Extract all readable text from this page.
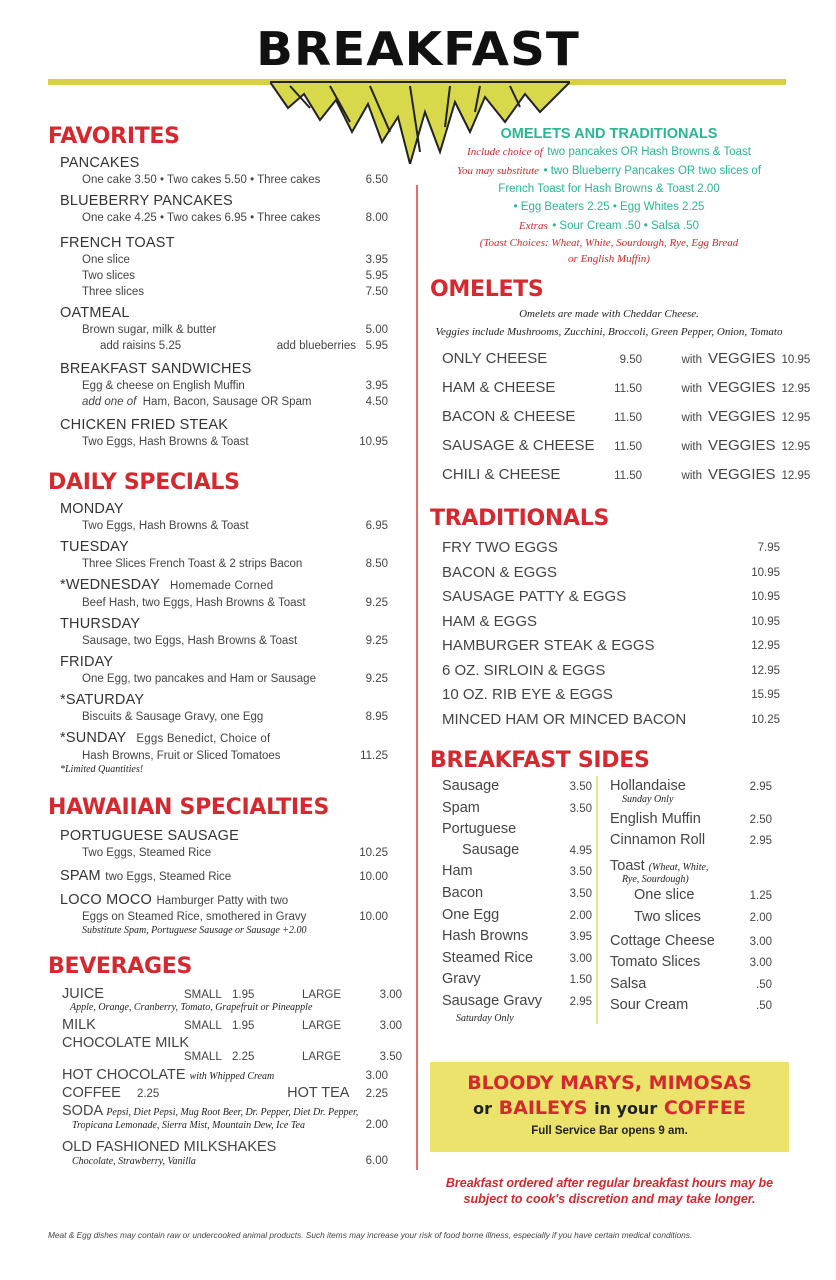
BREAKFAST
FAVORITES
PANCAKES
One cake 3.50 • Two cakes 5.50 • Three cakes	6.50
BLUEBERRY PANCAKES
One cake 4.25 • Two cakes 6.95 • Three cakes	8.00
FRENCH TOAST
One slice	3.95
Two slices	5.95
Three slices	7.50
OATMEAL
Brown sugar, milk & butter	5.00
add raisins 5.25	add blueberries 5.95
BREAKFAST SANDWICHES
Egg & cheese on English Muffin	3.95
add one of Ham, Bacon, Sausage OR Spam	4.50
CHICKEN FRIED STEAK
Two Eggs, Hash Browns & Toast	10.95
DAILY SPECIALS
MONDAY
Two Eggs, Hash Browns & Toast	6.95
TUESDAY
Three Slices French Toast & 2 strips Bacon	8.50
*WEDNESDAY Homemade Corned
Beef Hash, two Eggs, Hash Browns & Toast	9.25
THURSDAY
Sausage, two Eggs, Hash Browns & Toast	9.25
FRIDAY
One Egg, two pancakes and Ham or Sausage	9.25
*SATURDAY
Biscuits & Sausage Gravy, one Egg	8.95
*SUNDAY Eggs Benedict, Choice of
Hash Browns, Fruit or Sliced Tomatoes	11.25
*Limited Quantities!
HAWAIIAN SPECIALTIES
PORTUGUESE SAUSAGE
Two Eggs, Steamed Rice	10.25
SPAM two Eggs, Steamed Rice	10.00
LOCO MOCO Hamburger Patty with two
Eggs on Steamed Rice, smothered in Gravy	10.00
Substitute Spam, Portuguese Sausage or Sausage +2.00
BEVERAGES
JUICE	SMALL 1.95	LARGE	3.00
Apple, Orange, Cranberry, Tomato, Grapefruit or Pineapple
MILK	SMALL 1.95	LARGE	3.00
CHOCOLATE MILK
SMALL 2.25	LARGE	3.50
HOT CHOCOLATE with Whipped Cream	3.00
COFFEE 2.25	HOT TEA 2.25
SODA Pepsi, Diet Pepsi, Mug Root Beer, Dr. Pepper, Diet Dr. Pepper,
Tropicana Lemonade, Sierra Mist, Mountain Dew, Ice Tea	2.00
OLD FASHIONED MILKSHAKES
Chocolate, Strawberry, Vanilla	6.00
OMELETS AND TRADITIONALS
Include choice of two pancakes OR Hash Browns & Toast
You may substitute • two Blueberry Pancakes OR two slices of
French Toast for Hash Browns & Toast 2.00
• Egg Beaters 2.25 • Egg Whites 2.25
Extras • Sour Cream .50 • Salsa .50
(Toast Choices: Wheat, White, Sourdough, Rye, Egg Bread
or English Muffin)
OMELETS
Omelets are made with Cheddar Cheese.
Veggies include Mushrooms, Zucchini, Broccoli, Green Pepper, Onion, Tomato
ONLY CHEESE	9.50	with VEGGIES 10.95
HAM & CHEESE	11.50	with VEGGIES 12.95
BACON & CHEESE	11.50	with VEGGIES 12.95
SAUSAGE & CHEESE	11.50	with VEGGIES 12.95
CHILI & CHEESE	11.50	with VEGGIES 12.95
TRADITIONALS
FRY TWO EGGS	7.95
BACON & EGGS	10.95
SAUSAGE PATTY & EGGS	10.95
HAM & EGGS	10.95
HAMBURGER STEAK & EGGS	12.95
6 OZ. SIRLOIN & EGGS	12.95
10 OZ. RIB EYE & EGGS	15.95
MINCED HAM OR MINCED BACON	10.25
BREAKFAST SIDES
Sausage	3.50
Spam	3.50
Portuguese
Sausage	4.95
Ham	3.50
Bacon	3.50
One Egg	2.00
Hash Browns	3.95
Steamed Rice	3.00
Gravy	1.50
Sausage Gravy 2.95
Saturday Only
Hollandaise	2.95
Sunday Only
English Muffin	2.50
Cinnamon Roll	2.95
Toast
(Wheat, White,
Rye, Sourdough)
One slice	1.25
Two slices	2.00
Cottage Cheese	3.00
Tomato Slices	3.00
Salsa	.50
Sour Cream	.50
BLOODY MARYS, MIMOSAS
or BAILEYS in your COFFEE
Full Service Bar opens 9 am.
Breakfast ordered after regular breakfast hours may be subject to cook's discretion and may take longer.
Meat & Egg dishes may contain raw or undercooked animal products. Such items may increase your risk of food borne illness, especially if you have certain medical conditions.
